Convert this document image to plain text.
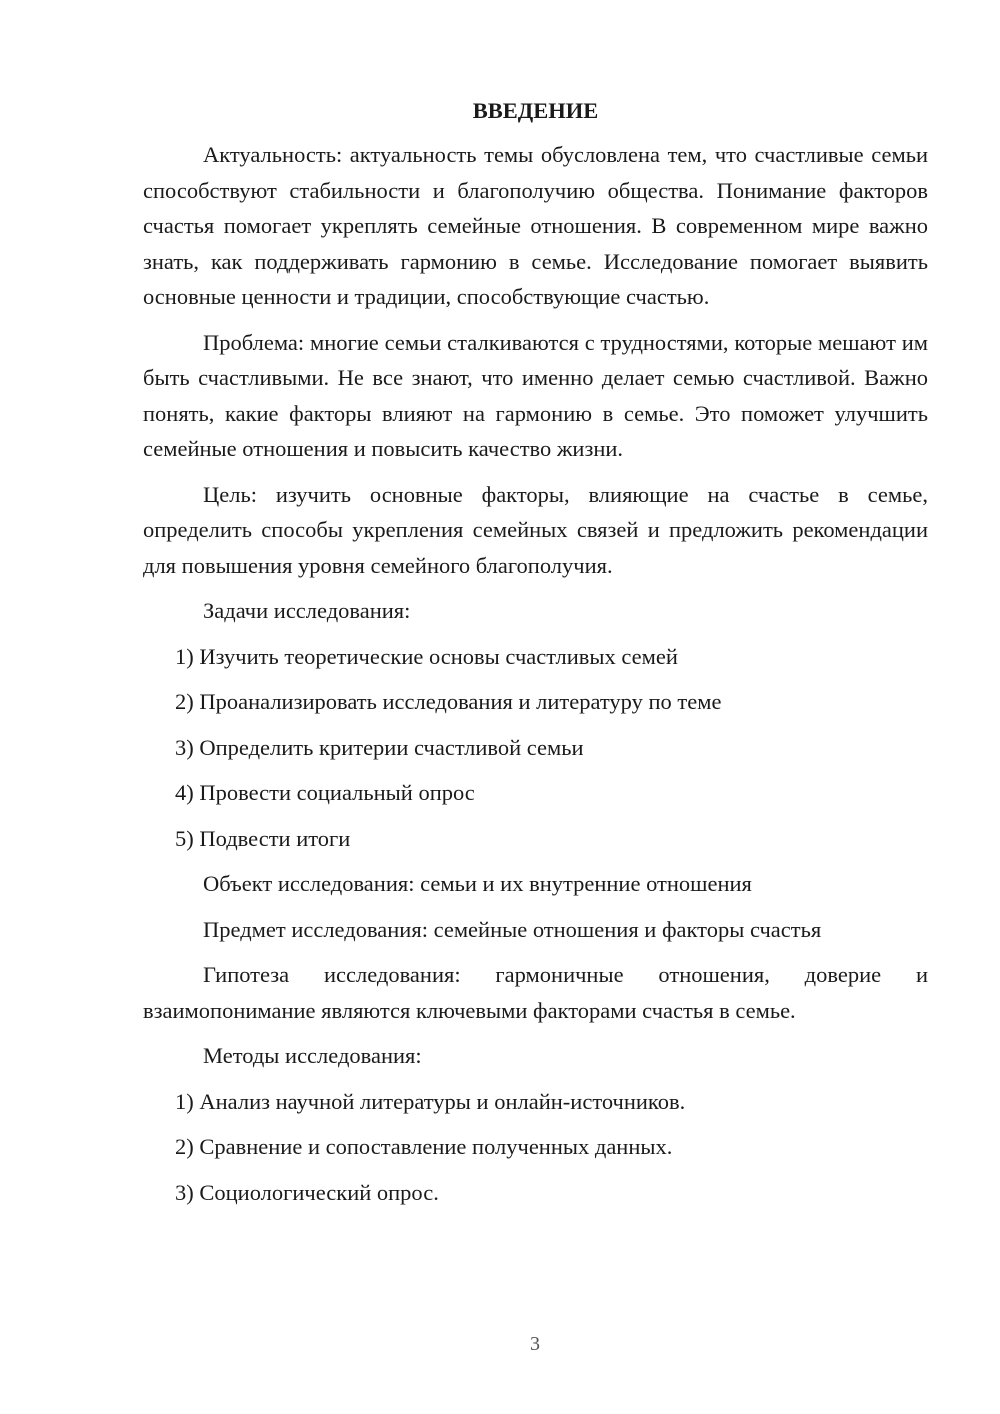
ВВЕДЕНИЕ

Актуальность: актуальность темы обусловлена тем, что счастливые семьи способствуют стабильности и благополучию общества. Понимание факторов счастья помогает укреплять семейные отношения. В современном мире важно знать, как поддерживать гармонию в семье. Исследование помогает выявить основные ценности и традиции, способствующие счастью.

Проблема: многие семьи сталкиваются с трудностями, которые мешают им быть счастливыми. Не все знают, что именно делает семью счастливой. Важно понять, какие факторы влияют на гармонию в семье. Это поможет улучшить семейные отношения и повысить качество жизни.

Цель: изучить основные факторы, влияющие на счастье в семье, определить способы укрепления семейных связей и предложить рекомендации для повышения уровня семейного благополучия.

Задачи исследования:

1) Изучить теоретические основы счастливых семей

2) Проанализировать исследования и литературу по теме

3) Определить критерии счастливой семьи

4) Провести социальный опрос

5) Подвести итоги

Объект исследования: семьи и их внутренние отношения

Предмет исследования: семейные отношения и факторы счастья

Гипотеза исследования: гармоничные отношения, доверие и взаимопонимание являются ключевыми факторами счастья в семье.

Методы исследования:

1) Анализ научной литературы и онлайн-источников.

2) Сравнение и сопоставление полученных данных.

3) Социологический опрос.

3
